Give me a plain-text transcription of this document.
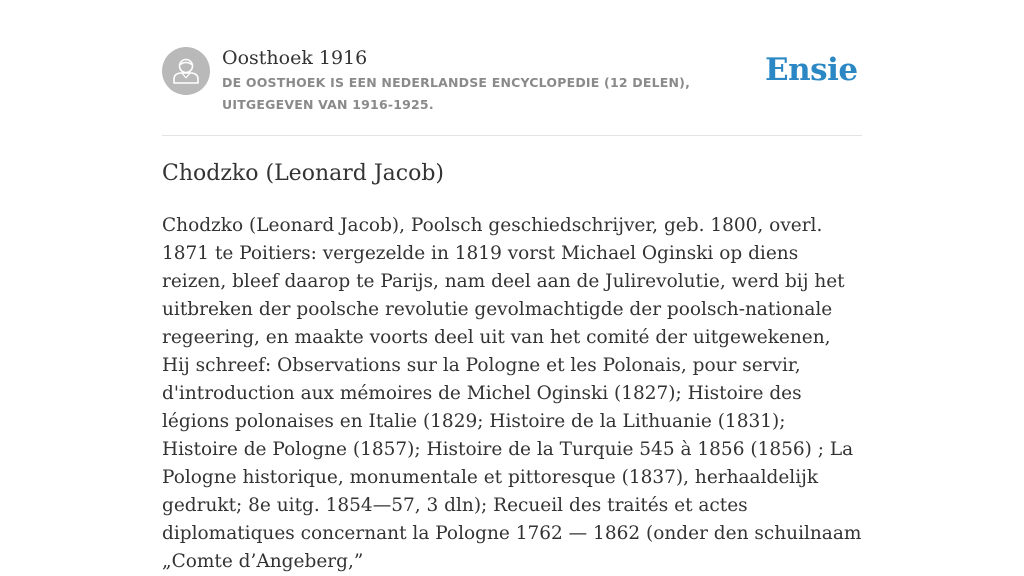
Oosthoek 1916
DE OOSTHOEK IS EEN NEDERLANDSE ENCYCLOPEDIE (12 DELEN), UITGEGEVEN VAN 1916-1925.
Ensie
Chodzko (Leonard Jacob)

Chodzko (Leonard Jacob), Poolsch geschiedschrijver, geb. 1800, overl. 1871 te Poitiers: vergezelde in 1819 vorst Michael Oginski op diens reizen, bleef daarop te Parijs, nam deel aan de Julirevolutie, werd bij het uitbreken der poolsche revolutie gevolmachtigde der poolsch-nationale regeering, en maakte voorts deel uit van het comité der uitgewekenen, Hij schreef: Observations sur la Pologne et les Polonais, pour servir, d'introduction aux mémoires de Michel Oginski (1827); Histoire des légions polonaises en Italie (1829; Histoire de la Lithuanie (1831); Histoire de Pologne (1857); Histoire de la Turquie 545 à 1856 (1856) ; La Pologne historique, monumentale et pittoresque (1837), herhaaldelijk gedrukt; 8e uitg. 1854—57, 3 dln); Recueil des traités et actes diplomatiques concernant la Pologne 1762 — 1862 (onder den schuilnaam „Comte d’Angeberg,”
